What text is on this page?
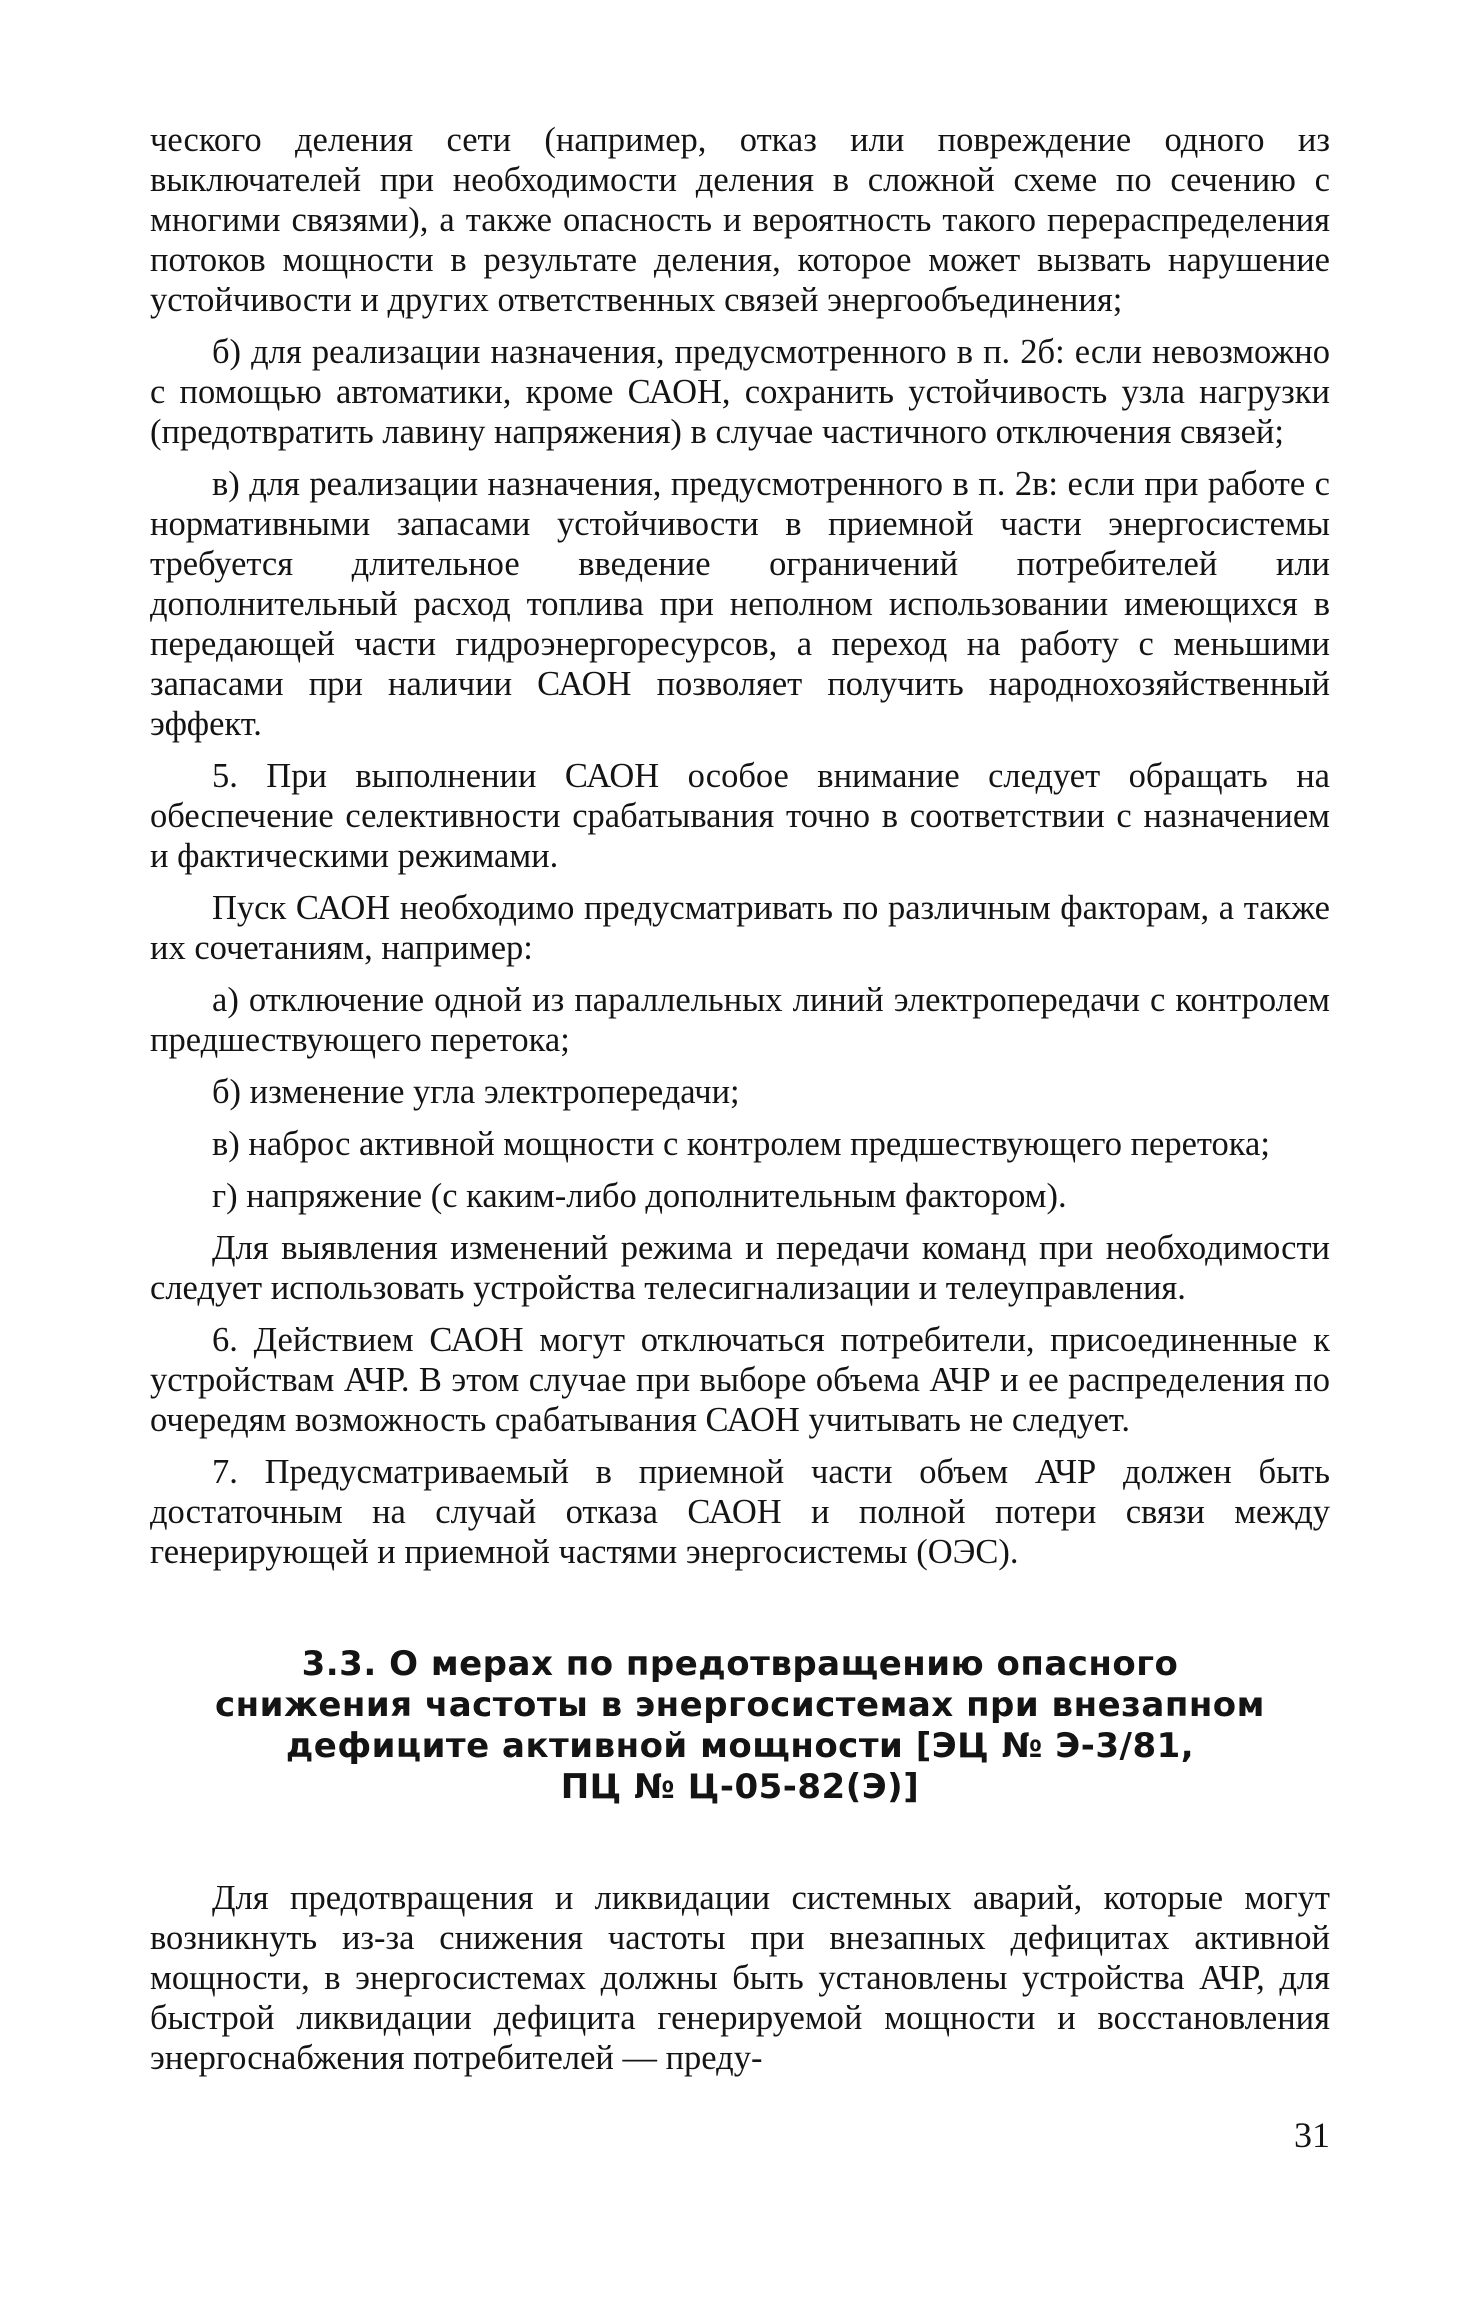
ческого деления сети (например, отказ или повреждение одного из выключателей при необходимости деления в сложной схеме по сечению с многими связями), а также опасность и вероятность такого перераспределения потоков мощности в результате деления, которое может вызвать нарушение устойчивости и других ответственных связей энергообъединения;

б) для реализации назначения, предусмотренного в п. 2б: если невозможно с помощью автоматики, кроме САОН, сохранить устойчивость узла нагрузки (предотвратить лавину напряжения) в случае частичного отключения связей;

в) для реализации назначения, предусмотренного в п. 2в: если при работе с нормативными запасами устойчивости в приемной части энергосистемы требуется длительное введение ограничений потребителей или дополнительный расход топлива при неполном использовании имеющихся в передающей части гидроэнергоресурсов, а переход на работу с меньшими запасами при наличии САОН позволяет получить народнохозяйственный эффект.

5. При выполнении САОН особое внимание следует обращать на обеспечение селективности срабатывания точно в соответствии с назначением и фактическими режимами.

Пуск САОН необходимо предусматривать по различным факторам, а также их сочетаниям, например:

а) отключение одной из параллельных линий электропередачи с контролем предшествующего перетока;

б) изменение угла электропередачи;

в) наброс активной мощности с контролем предшествующего перетока;

г) напряжение (с каким-либо дополнительным фактором).

Для выявления изменений режима и передачи команд при необходимости следует использовать устройства телесигнализации и телеуправления.

6. Действием САОН могут отключаться потребители, присоединенные к устройствам АЧР. В этом случае при выборе объема АЧР и ее распределения по очередям возможность срабатывания САОН учитывать не следует.

7. Предусматриваемый в приемной части объем АЧР должен быть достаточным на случай отказа САОН и полной потери связи между генерирующей и приемной частями энергосистемы (ОЭС).

3.3. О мерах по предотвращению опасного
снижения частоты в энергосистемах при внезапном
дефиците активной мощности [ЭЦ № Э-3/81,
ПЦ № Ц-05-82(Э)]

Для предотвращения и ликвидации системных аварий, которые могут возникнуть из-за снижения частоты при внезапных дефицитах активной мощности, в энергосистемах должны быть установлены устройства АЧР, для быстрой ликвидации дефицита генерируемой мощности и восстановления энергоснабжения потребителей — преду-

31
